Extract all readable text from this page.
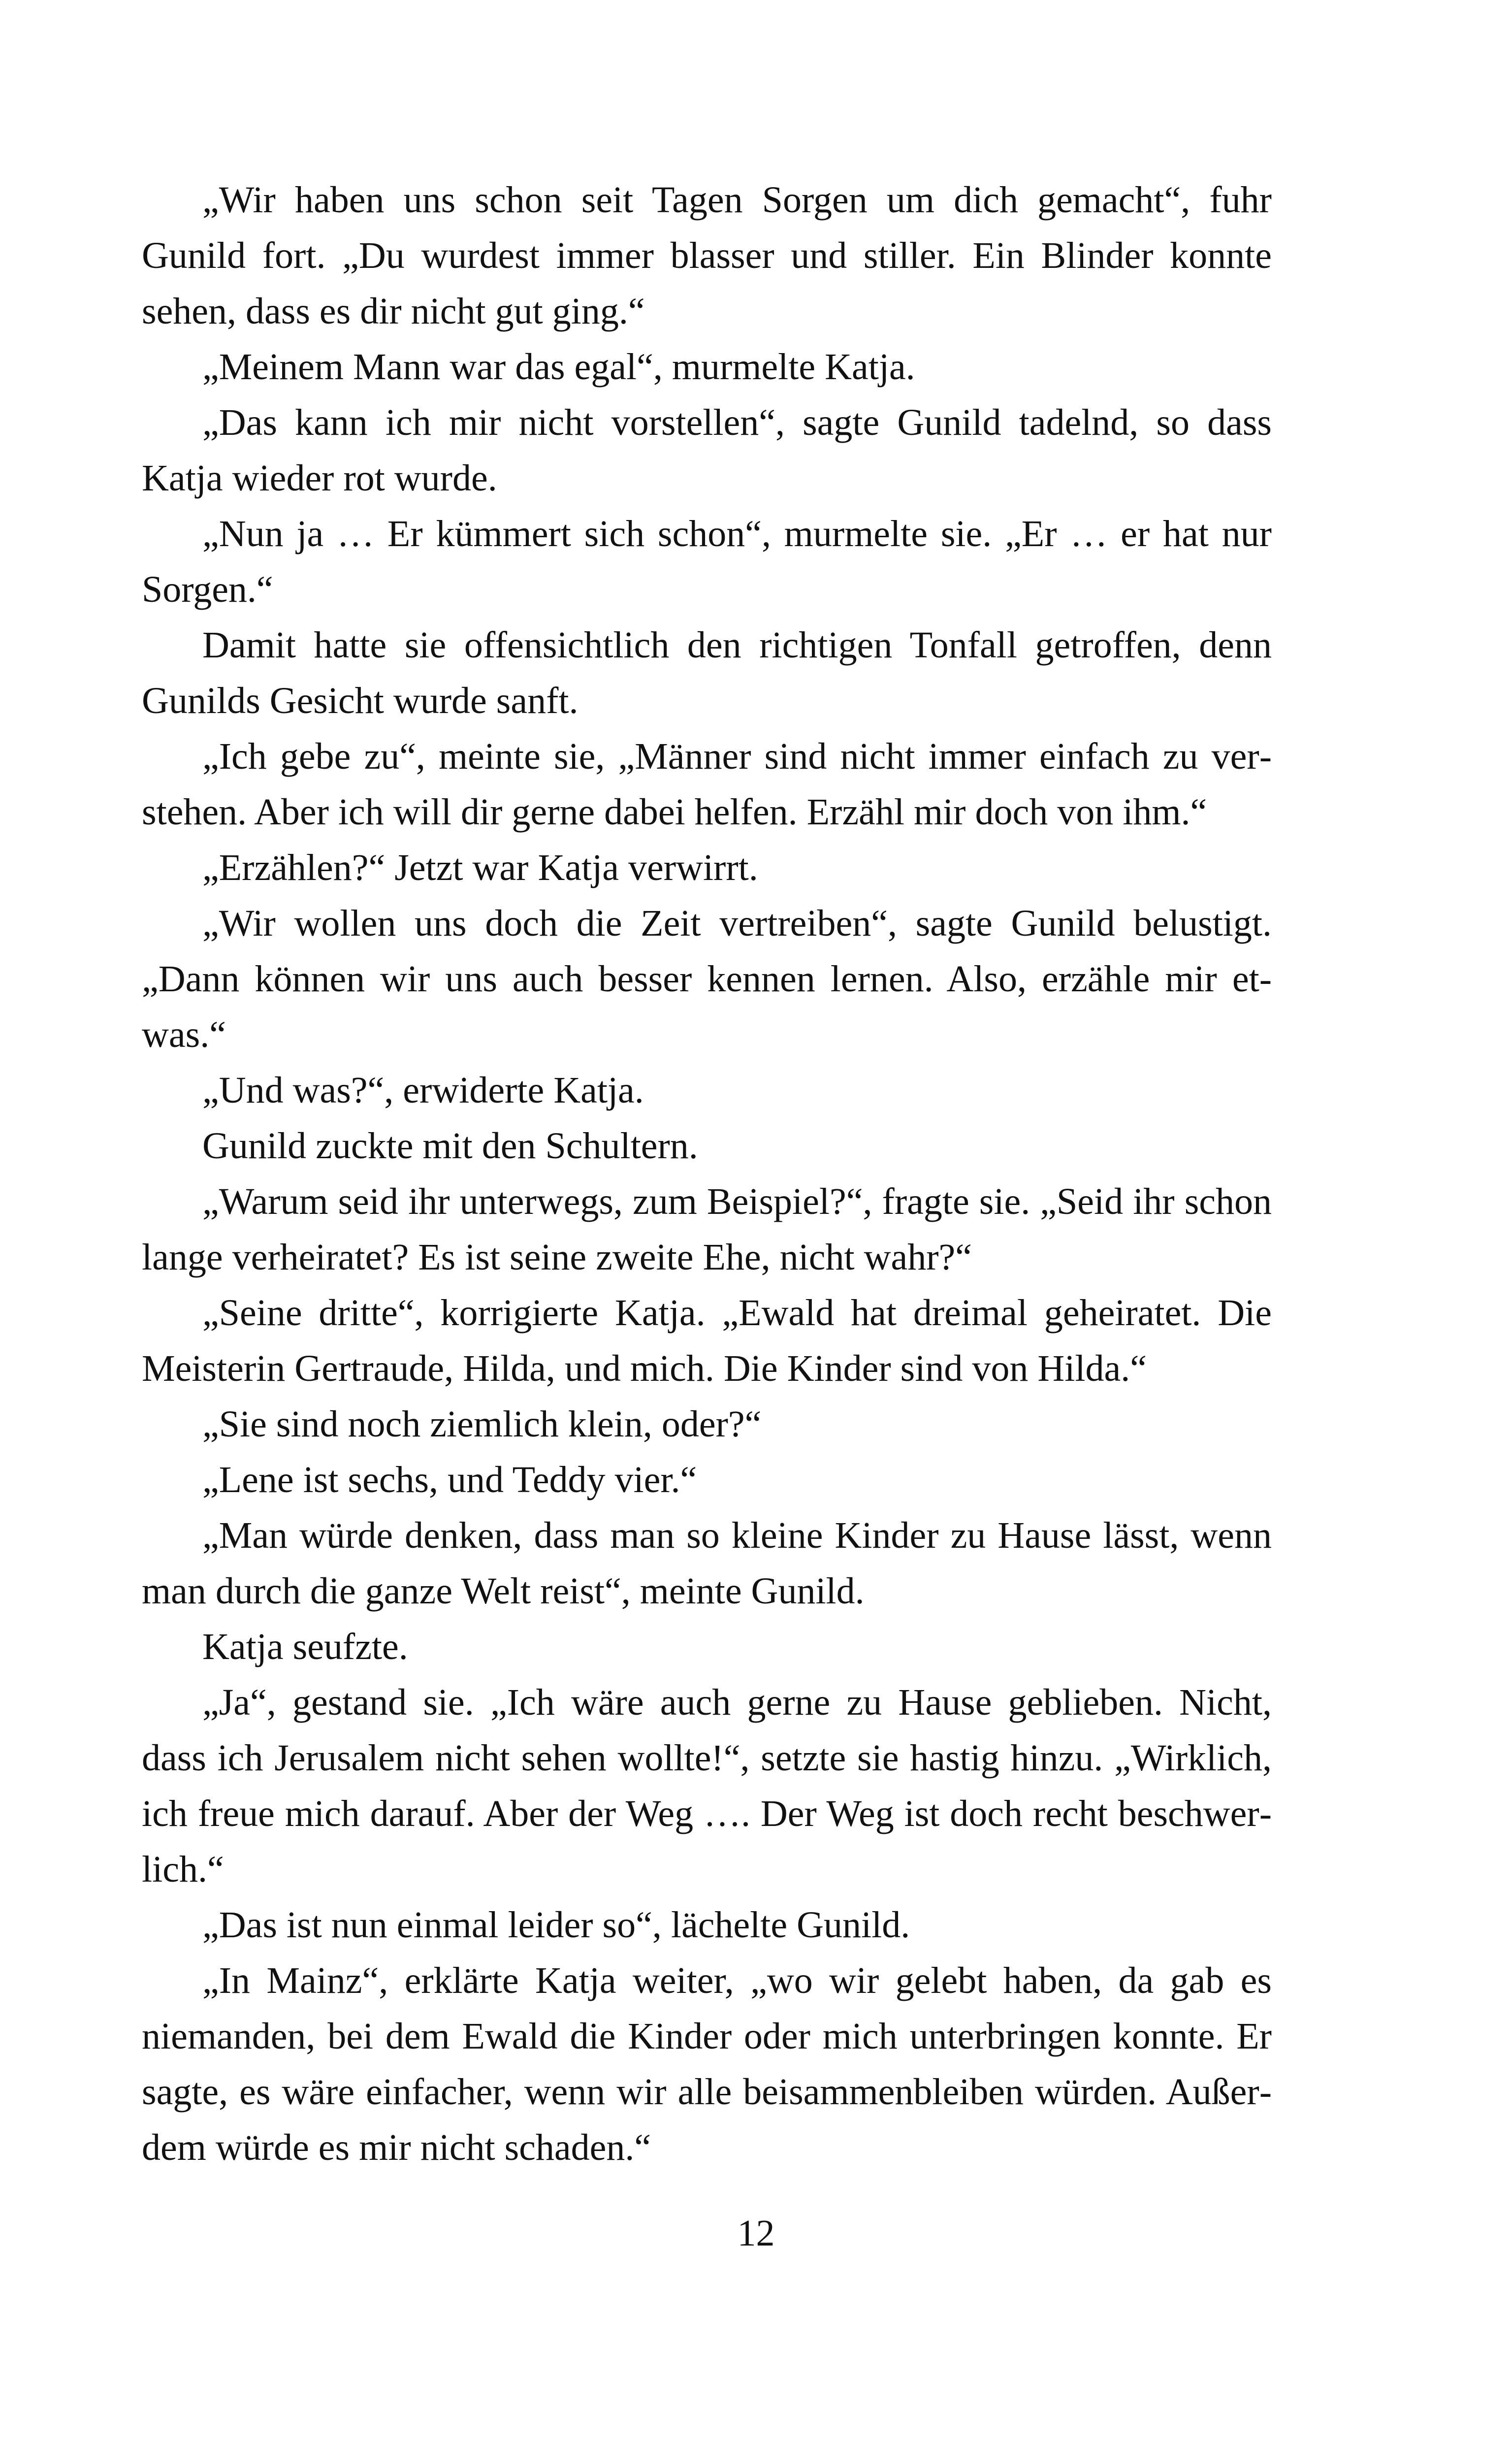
„Wir haben uns schon seit Tagen Sorgen um dich gemacht“, fuhr Gunild fort. „Du wurdest immer blasser und stiller. Ein Blinder konnte sehen, dass es dir nicht gut ging.“

„Meinem Mann war das egal“, murmelte Katja.

„Das kann ich mir nicht vorstellen“, sagte Gunild tadelnd, so dass Katja wieder rot wurde.

„Nun ja … Er kümmert sich schon“, murmelte sie. „Er … er hat nur Sorgen.“

Damit hatte sie offensichtlich den richtigen Tonfall getroffen, denn Gunilds Gesicht wurde sanft.

„Ich gebe zu“, meinte sie, „Männer sind nicht immer einfach zu verstehen. Aber ich will dir gerne dabei helfen. Erzähl mir doch von ihm.“

„Erzählen?“ Jetzt war Katja verwirrt.

„Wir wollen uns doch die Zeit vertreiben“, sagte Gunild belustigt. „Dann können wir uns auch besser kennen lernen. Also, erzähle mir etwas.“

„Und was?“, erwiderte Katja.

Gunild zuckte mit den Schultern.

„Warum seid ihr unterwegs, zum Beispiel?“, fragte sie. „Seid ihr schon lange verheiratet? Es ist seine zweite Ehe, nicht wahr?“

„Seine dritte“, korrigierte Katja. „Ewald hat dreimal geheiratet. Die Meisterin Gertraude, Hilda, und mich. Die Kinder sind von Hilda.“

„Sie sind noch ziemlich klein, oder?“

„Lene ist sechs, und Teddy vier.“

„Man würde denken, dass man so kleine Kinder zu Hause lässt, wenn man durch die ganze Welt reist“, meinte Gunild.

Katja seufzte.

„Ja“, gestand sie. „Ich wäre auch gerne zu Hause geblieben. Nicht, dass ich Jerusalem nicht sehen wollte!“, setzte sie hastig hinzu. „Wirklich, ich freue mich darauf. Aber der Weg …. Der Weg ist doch recht beschwerlich.“

„Das ist nun einmal leider so“, lächelte Gunild.

„In Mainz“, erklärte Katja weiter, „wo wir gelebt haben, da gab es niemanden, bei dem Ewald die Kinder oder mich unterbringen konnte. Er sagte, es wäre einfacher, wenn wir alle beisammenbleiben würden. Außerdem würde es mir nicht schaden.“

12
